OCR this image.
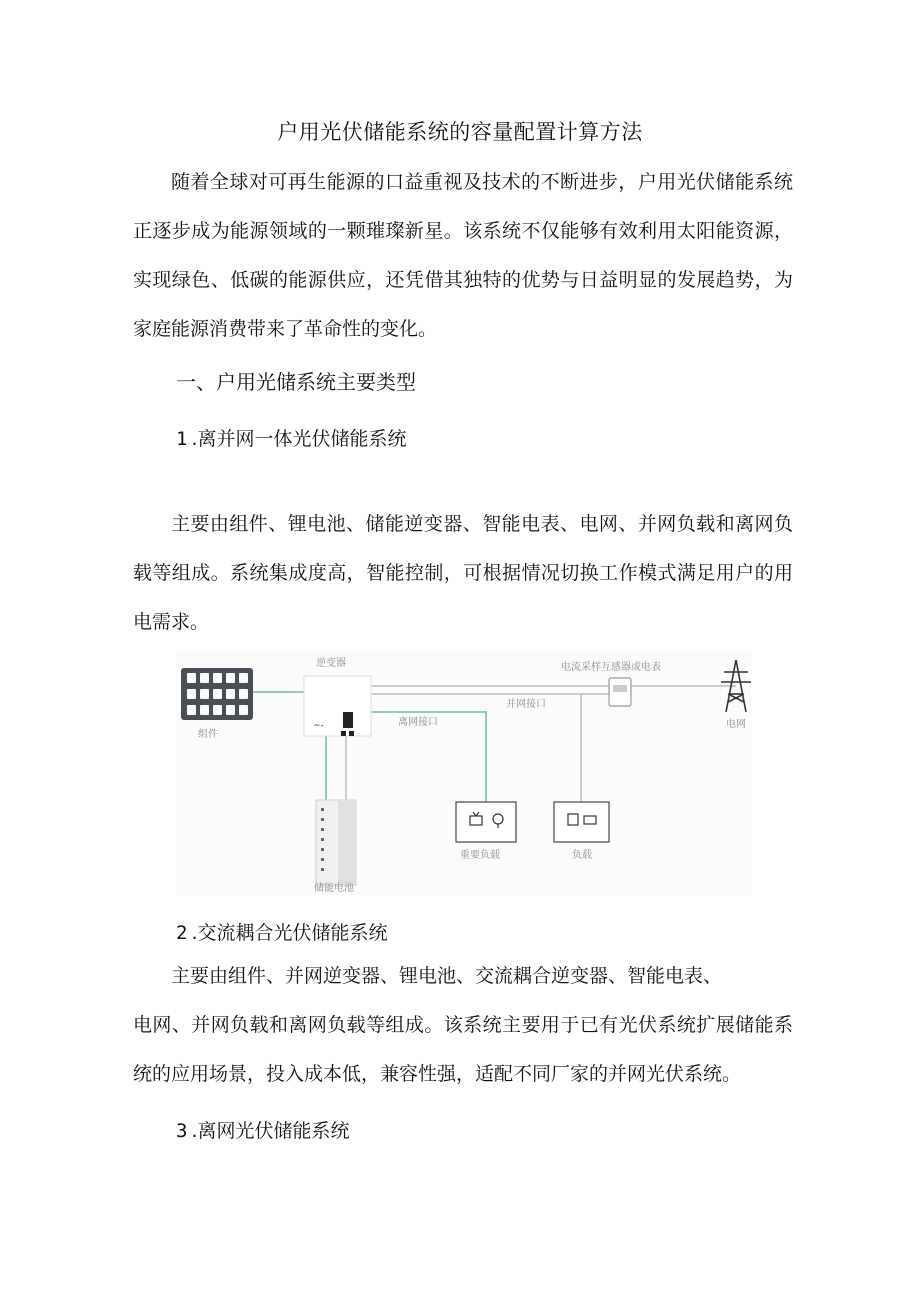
户用光伏储能系统的容量配置计算方法

随着全球对可再生能源的口益重视及技术的不断进步，户用光伏储能系统正逐步成为能源领域的一颗璀璨新星。该系统不仅能够有效利用太阳能资源，实现绿色、低碳的能源供应，还凭借其独特的优势与日益明显的发展趋势，为家庭能源消费带来了革命性的变化。

一、户用光储系统主要类型
1 .离并网一体光伏储能系统

主要由组件、锂电池、储能逆变器、智能电表、电网、并网负载和离网负载等组成。系统集成度高，智能控制，可根据情况切换工作模式满足用户的用电需求。

组件
逆变器
~-
并网接口
离网接口
电流采样互感器或电表
电网
储能电池
重要负载	负载
2 .交流耦合光伏储能系统

主要由组件、并网逆变器、锂电池、交流耦合逆变器、智能电表、

电网、并网负载和离网负载等组成。该系统主要用于已有光伏系统扩展储能系统的应用场景，投入成本低，兼容性强，适配不同厂家的并网光伏系统。

3 .离网光伏储能系统
